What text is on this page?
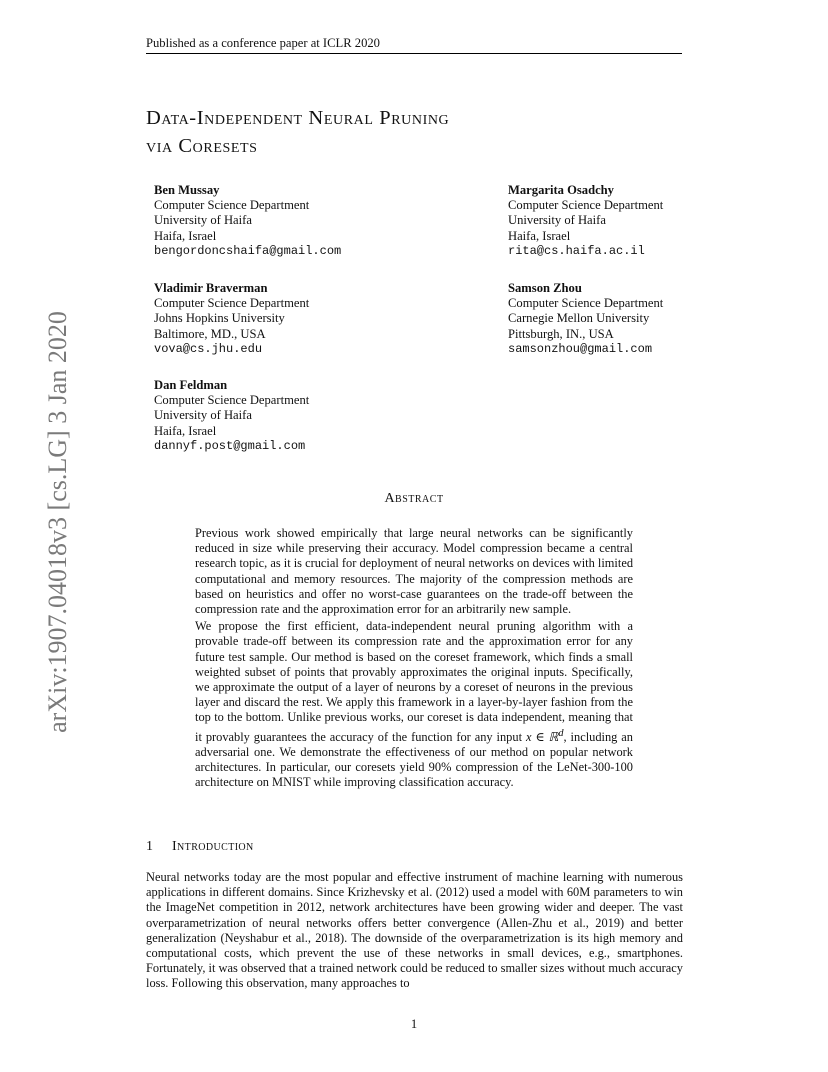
Published as a conference paper at ICLR 2020
Data-Independent Neural Pruning
via Coresets
Ben Mussay
Computer Science Department
University of Haifa
Haifa, Israel
bengordoncshaifa@gmail.com
Margarita Osadchy
Computer Science Department
University of Haifa
Haifa, Israel
rita@cs.haifa.ac.il
Vladimir Braverman
Computer Science Department
Johns Hopkins University
Baltimore, MD., USA
vova@cs.jhu.edu
Samson Zhou
Computer Science Department
Carnegie Mellon University
Pittsburgh, IN., USA
samsonzhou@gmail.com
Dan Feldman
Computer Science Department
University of Haifa
Haifa, Israel
dannyf.post@gmail.com
arXiv:1907.04018v3 [cs.LG] 3 Jan 2020	Abstract

Previous work showed empirically that large neural networks can be significantly reduced in size while preserving their accuracy. Model compression became a central research topic, as it is crucial for deployment of neural networks on devices with limited computational and memory resources. The majority of the compression methods are based on heuristics and offer no worst-case guarantees on the trade-off between the compression rate and the approximation error for an arbitrarily new sample.

We propose the first efficient, data-independent neural pruning algorithm with a provable trade-off between its compression rate and the approximation error for any future test sample. Our method is based on the coreset framework, which finds a small weighted subset of points that provably approximates the original inputs. Specifically, we approximate the output of a layer of neurons by a coreset of neurons in the previous layer and discard the rest. We apply this framework in a layer-by-layer fashion from the top to the bottom. Unlike previous works, our coreset is data independent, meaning that it provably guarantees the accuracy of the function for any input x ∈ ℝ$^d$, including an adversarial one. We demonstrate the effectiveness of our method on popular network architectures. In particular, our coresets yield 90% compression of the LeNet-300-100 architecture on MNIST while improving classification accuracy.

1 Introduction

Neural networks today are the most popular and effective instrument of machine learning with numerous applications in different domains. Since Krizhevsky et al. (2012) used a model with 60M parameters to win the ImageNet competition in 2012, network architectures have been growing wider and deeper. The vast overparametrization of neural networks offers better convergence (Allen-Zhu et al., 2019) and better generalization (Neyshabur et al., 2018). The downside of the overparametrization is its high memory and computational costs, which prevent the use of these networks in small devices, e.g., smartphones. Fortunately, it was observed that a trained network could be reduced to smaller sizes without much accuracy loss. Following this observation, many approaches to

1
